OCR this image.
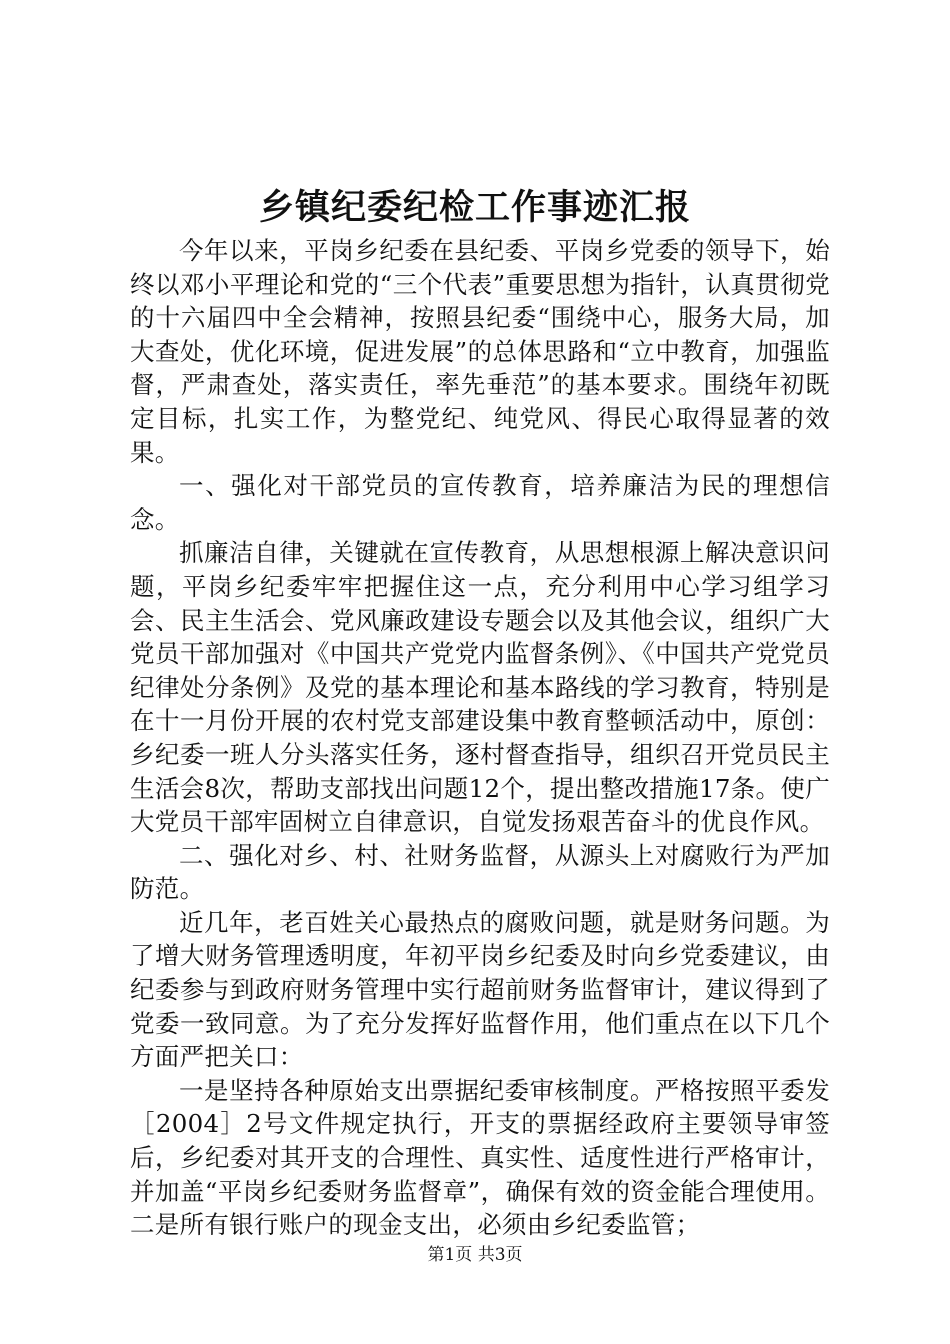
乡镇纪委纪检工作事迹汇报

今年以来，平岗乡纪委在县纪委、平岗乡党委的领导下，始终以邓小平理论和党的“三个代表”重要思想为指针，认真贯彻党的十六届四中全会精神，按照县纪委“围绕中心，服务大局，加大查处，优化环境，促进发展”的总体思路和“立中教育，加强监督，严肃查处，落实责任，率先垂范”的基本要求。围绕年初既定目标，扎实工作，为整党纪、纯党风、得民心取得显著的效果。

一、强化对干部党员的宣传教育，培养廉洁为民的理想信念。

抓廉洁自律，关键就在宣传教育，从思想根源上解决意识问题，平岗乡纪委牢牢把握住这一点，充分利用中心学习组学习会、民主生活会、党风廉政建设专题会以及其他会议，组织广大党员干部加强对《中国共产党党内监督条例》、《中国共产党党员纪律处分条例》及党的基本理论和基本路线的学习教育，特别是在十一月份开展的农村党支部建设集中教育整顿活动中，原创：乡纪委一班人分头落实任务，逐村督查指导，组织召开党员民主生活会8次，帮助支部找出问题12个，提出整改措施17条。使广大党员干部牢固树立自律意识，自觉发扬艰苦奋斗的优良作风。

二、强化对乡、村、社财务监督，从源头上对腐败行为严加防范。

近几年，老百姓关心最热点的腐败问题，就是财务问题。为了增大财务管理透明度，年初平岗乡纪委及时向乡党委建议，由纪委参与到政府财务管理中实行超前财务监督审计，建议得到了党委一致同意。为了充分发挥好监督作用，他们重点在以下几个方面严把关口：

一是坚持各种原始支出票据纪委审核制度。严格按照平委发［2004］2号文件规定执行，开支的票据经政府主要领导审签后，乡纪委对其开支的合理性、真实性、适度性进行严格审计，并加盖“平岗乡纪委财务监督章”，确保有效的资金能合理使用。二是所有银行账户的现金支出，必须由乡纪委监管；

第1页 共3页
